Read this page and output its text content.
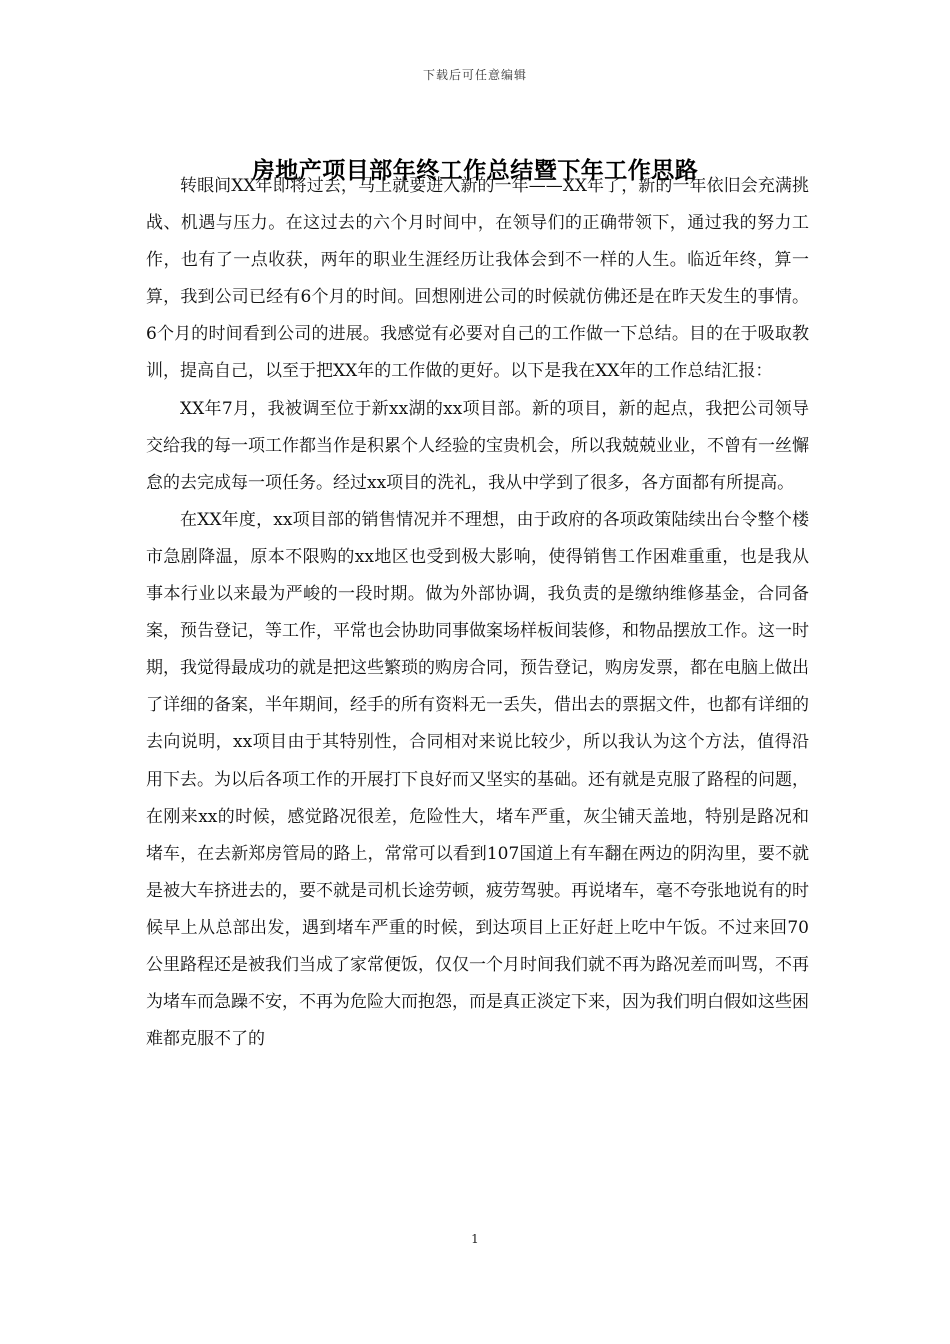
下载后可任意编辑
房地产项目部年终工作总结暨下年工作思路

转眼间XX年即将过去，马上就要进入新的一年——XX年了，新的一年依旧会充满挑战、机遇与压力。在这过去的六个月时间中，在领导们的正确带领下，通过我的努力工作，也有了一点收获，两年的职业生涯经历让我体会到不一样的人生。临近年终，算一算，我到公司已经有6个月的时间。回想刚进公司的时候就仿佛还是在昨天发生的事情。6个月的时间看到公司的进展。我感觉有必要对自己的工作做一下总结。目的在于吸取教训，提高自己，以至于把XX年的工作做的更好。以下是我在XX年的工作总结汇报：

XX年7月，我被调至位于新xx湖的xx项目部。新的项目，新的起点，我把公司领导交给我的每一项工作都当作是积累个人经验的宝贵机会，所以我兢兢业业，不曾有一丝懈怠的去完成每一项任务。经过xx项目的洗礼，我从中学到了很多，各方面都有所提高。

在XX年度，xx项目部的销售情况并不理想，由于政府的各项政策陆续出台令整个楼市急剧降温，原本不限购的xx地区也受到极大影响，使得销售工作困难重重，也是我从事本行业以来最为严峻的一段时期。做为外部协调，我负责的是缴纳维修基金，合同备案，预告登记，等工作，平常也会协助同事做案场样板间装修，和物品摆放工作。这一时期，我觉得最成功的就是把这些繁琐的购房合同，预告登记，购房发票，都在电脑上做出了详细的备案，半年期间，经手的所有资料无一丢失，借出去的票据文件，也都有详细的去向说明，xx项目由于其特别性，合同相对来说比较少，所以我认为这个方法，值得沿用下去。为以后各项工作的开展打下良好而又坚实的基础。还有就是克服了路程的问题，在刚来xx的时候，感觉路况很差，危险性大，堵车严重，灰尘铺天盖地，特别是路况和堵车，在去新郑房管局的路上，常常可以看到107国道上有车翻在两边的阴沟里，要不就是被大车挤进去的，要不就是司机长途劳顿，疲劳驾驶。再说堵车，毫不夸张地说有的时候早上从总部出发，遇到堵车严重的时候，到达项目上正好赶上吃中午饭。不过来回70公里路程还是被我们当成了家常便饭，仅仅一个月时间我们就不再为路况差而叫骂，不再为堵车而急躁不安，不再为危险大而抱怨，而是真正淡定下来，因为我们明白假如这些困难都克服不了的

1
